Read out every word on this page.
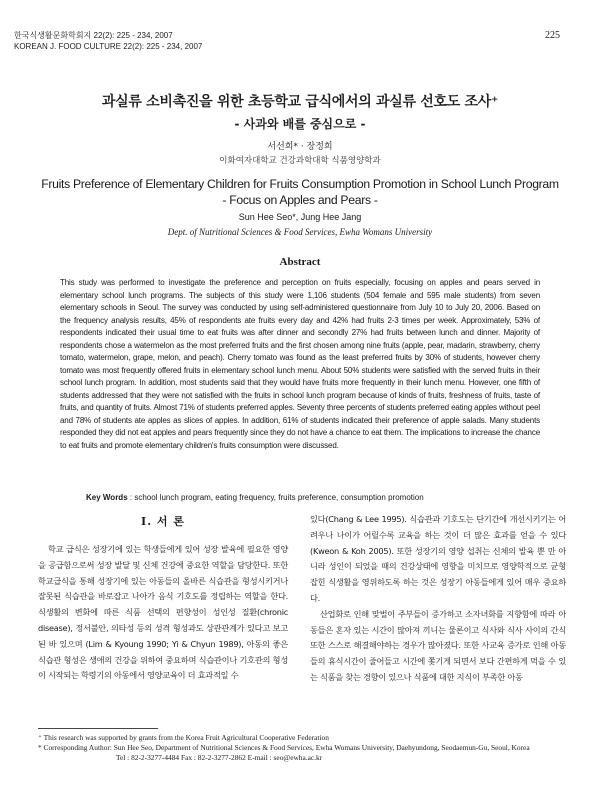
한국식생활문화학회지 22(2): 225 - 234, 2007
KOREAN J. FOOD CULTURE 22(2): 225 - 234, 2007
225
과실류 소비촉진을 위한 초등학교 급식에서의 과실류 선호도 조사⁺
- 사과와 배를 중심으로 -
서선희* · 장정희
이화여자대학교 건강과학대학 식품영양학과
Fruits Preference of Elementary Children for Fruits Consumption Promotion in School Lunch Program
- Focus on Apples and Pears -
Sun Hee Seo*, Jung Hee Jang
Dept. of Nutritional Sciences & Food Services, Ewha Womans University
Abstract
This study was performed to investigate the preference and perception on fruits especially, focusing on apples and pears served in elementary school lunch programs. The subjects of this study were 1,106 students (504 female and 595 male students) from seven elementary schools in Seoul. The survey was conducted by using self-administered questionnaire from July 10 to July 20, 2006. Based on the frequency analysis results, 45% of respondents ate fruits every day and 42% had fruits 2-3 times per week. Approximately, 53% of respondents indicated their usual time to eat fruits was after dinner and secondly 27% had fruits between lunch and dinner. Majority of respondents chose a watermelon as the most preferred fruits and the first chosen among nine fruits (apple, pear, madarin, strawberry, cherry tomato, watermelon, grape, melon, and peach). Cherry tomato was found as the least preferred fruits by 30% of students, however cherry tomato was most frequently offered fruits in elementary school lunch menu. About 50% students were satisfied with the served fruits in their school lunch program. In addition, most students said that they would have fruits more frequently in their lunch menu. However, one fifth of students addressed that they were not satisfied with the fruits in school lunch program because of kinds of fruits, freshness of fruits, taste of fruits, and quantity of fruits. Almost 71% of students preferred apples. Seventy three percents of students preferred eating apples without peel and 78% of students ate apples as slices of apples. In addition, 61% of students indicated their preference of apple salads. Many students responded they did not eat apples and pears frequently since they do not have a chance to eat them. The implications to increase the chance to eat fruits and promote elementary children's fruits consumption were discussed.
Key Words : school lunch program, eating frequency, fruits preference, consumption promotion
Ⅰ. 서 론

학교 급식은 성장기에 있는 학생들에게 있어 성장 발육에 필요한 영양을 공급함으로써 성장 발달 및 신체 건강에 중요한 역할을 담당한다. 또한 학교급식을 통해 성장기에 있는 아동들의 올바른 식습관을 형성시키거나 잘못된 식습관을 바로잡고 나아가 음식 기호도를 정립하는 역할을 한다. 식생활의 변화에 따른 식품 선택의 편향성이 성인성 질환(chronic disease), 정서불안, 의타성 등의 성격 형성과도 상관관계가 있다고 보고된 바 있으며 (Lim & Kyoung 1990; Yi & Chyun 1989), 아동의 좋은 식습관 형성은 생애의 건강을 위하여 중요하며 식습관이나 기호관의 형성이 시작되는 학령기의 아동에서 영양교육이 더 효과적일 수

있다(Chang & Lee 1995). 식습관과 기호도는 단기간에 개선시키기는 어려우나 나이가 어릴수록 교육을 하는 것이 더 많은 효과를 얻을 수 있다(Kweon & Koh 2005). 또한 성장기의 영양 섭취는 신체의 발육 뿐 만 아니라 성인이 되었을 때의 건강상태에 영향을 미치므로 영양학적으로 균형잡힌 식생활을 영위하도록 하는 것은 성장기 아동들에게 있어 매우 중요하다.

산업화로 인해 맞벌이 주부들이 증가하고 소자녀화를 지향함에 따라 아동들은 혼자 있는 시간이 많아져 끼니는 물론이고 식사와 식사 사이의 간식 또한 스스로 해결해야하는 경우가 많아졌다. 또한 사교육 증가로 인해 아동들의 휴식시간이 줄어들고 시간에 쫓기게 되면서 보다 간편하게 먹을 수 있는 식품을 찾는 경향이 있으나 식품에 대한 지식이 부족한 아동

⁺ This research was supported by grants from the Korea Fruit Agricultural Cooperative Federation
* Corresponding Author: Sun Hee Seo, Department of Nutritional Sciences & Food Services, Ewha Womans University, Daehyundong, Seodaemun-Gu, Seoul, Korea
Tel : 82-2-3277-4484 Fax : 82-2-3277-2862 E-mail : seo@ewha.ac.kr
